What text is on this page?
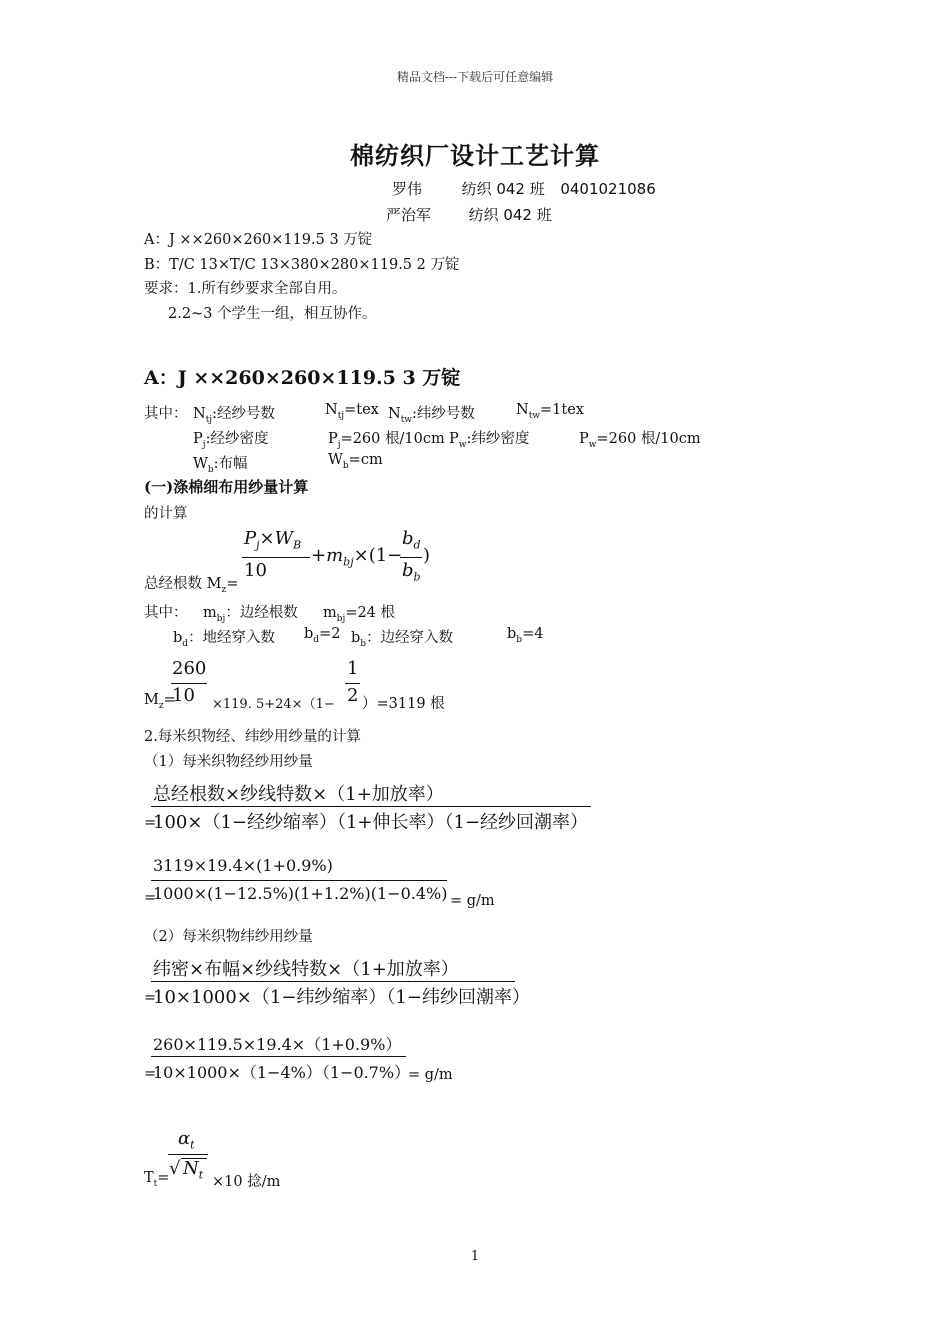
精品文档---下载后可任意编辑
棉纺织厂设计工艺计算
罗伟	纺织 042 班 0401021086
严治军	纺织 042 班
A：J ××260×260×119.5 3 万锭
B：T/C 13×T/C 13×380×280×119.5 2 万锭
要求：1.所有纱要求全部自用。
2.2~3 个学生一组，相互协作。
A：J ××260×260×119.5 3 万锭
其中： $N_{tj}$:经纱号数	$N_{tj}=tex$ $N_{tw}$:纬纱号数	$N_{tw}=1tex$
$P_j$:经纱密度	$P_j=260$ 根/10cm $P_w$:纬纱密度	$P_w=260$ 根/10cm
$W_b$:布幅	$W_b=cm$
(一)涤棉细布用纱量计算
的计算
$P_j\times W_B$
10
$+m_{bj}\times(1-$
$b_d$
$b_b$
)
总经根数 $M_z=$
其中： $m_{bj}$：边经根数 $m_{bj}=24$ 根
$b_d$：地经穿入数 $b_d=2$ $b_b$：边经穿入数	$b_b=4$
260
10
$M_z=$	×119. 5+24×（1−
1
2 ）=3119 根
2.每米织物经、纬纱用纱量的计算
（1）每米织物经纱用纱量
总经根数×纱线特数×（1+加放率）
=
100×（1−经纱缩率）（1+伸长率）（1−经纱回潮率）
3119×19.4×(1+0.9%)
=
1000×(1−12.5%)(1+1.2%)(1−0.4%) = g/m
（2）每米织物纬纱用纱量
纬密×布幅×纱线特数×（1+加放率）
=
10×1000×（1−纬纱缩率）（1−纬纱回潮率）
260×119.5×19.4×（1+0.9%）
=
10×1000×（1−4%）（1−0.7%）
= g/m
$\alpha_t$
√ $N_t$
$T_t=$	×10 捻/m
1
